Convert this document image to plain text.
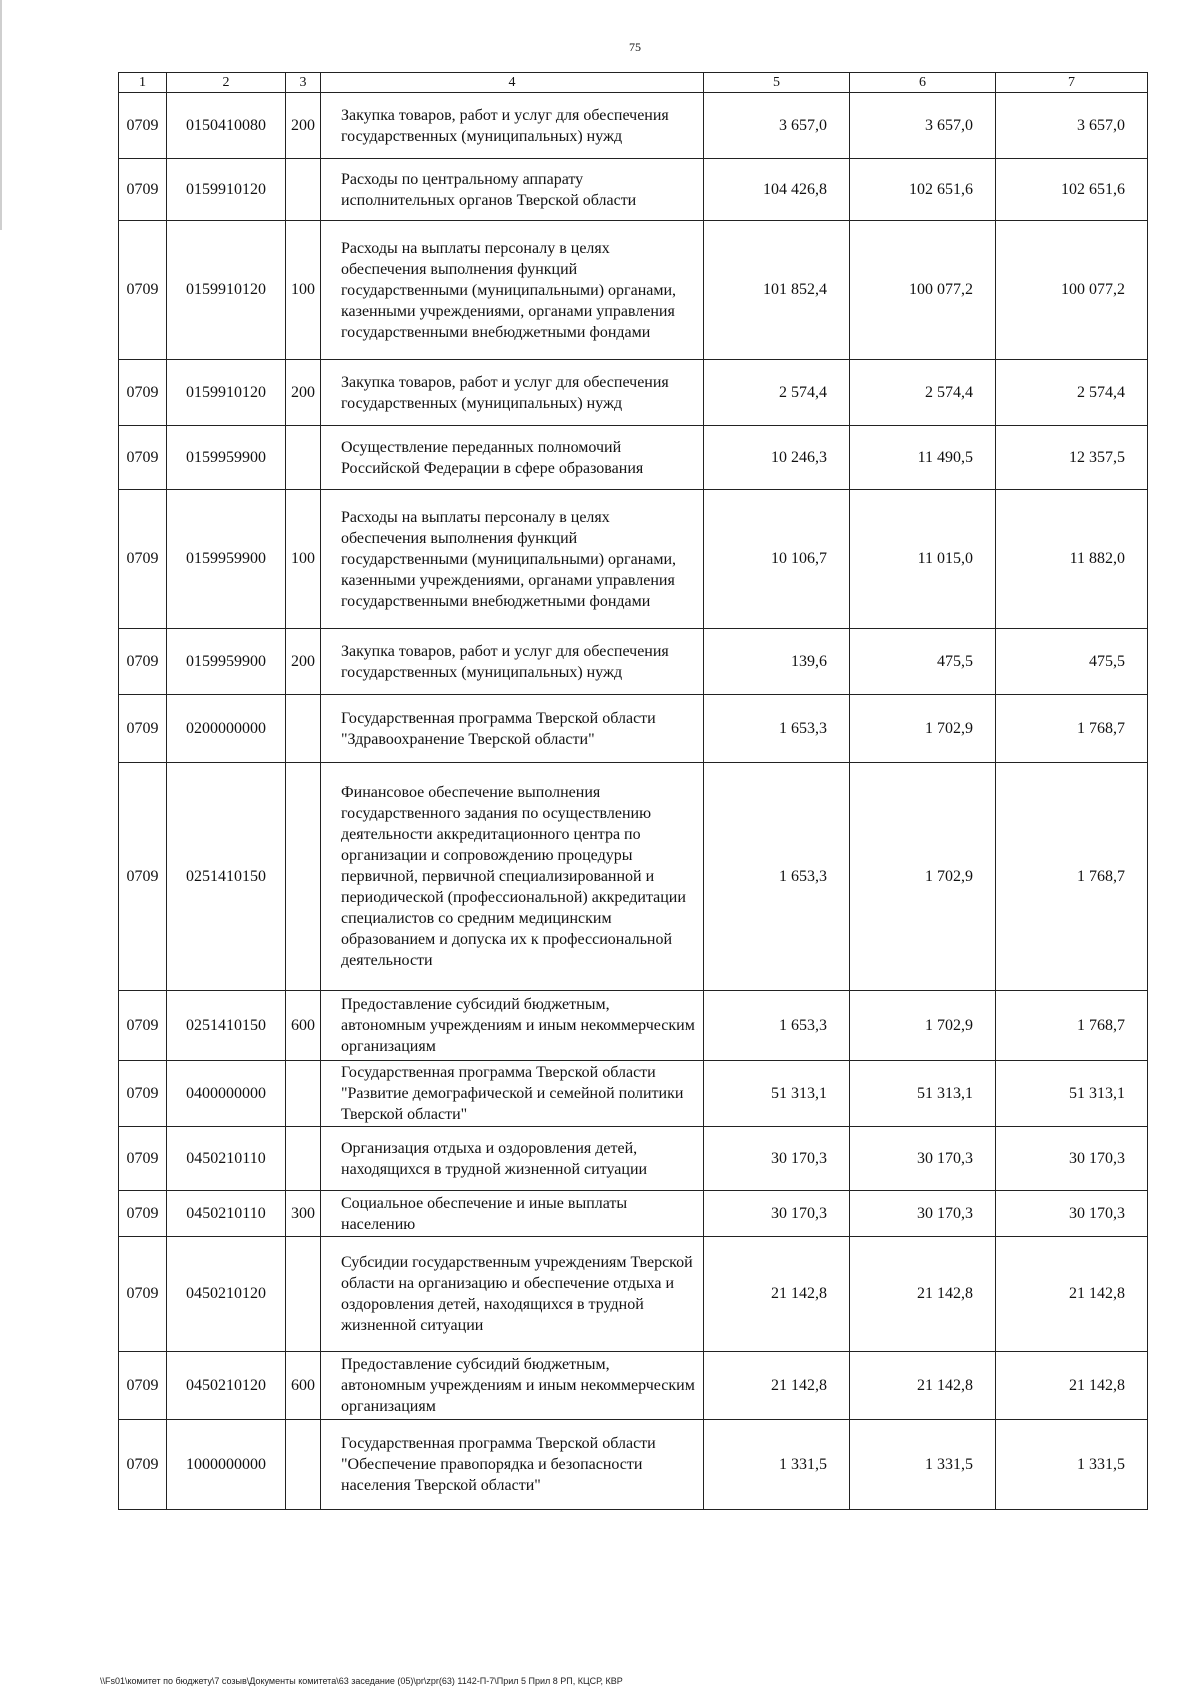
75
1	2	3	4	5	6	7
0709	0150410080	200	Закупка товаров, работ и услуг для обеспечения государственных (муниципальных) нужд	3 657,0	3 657,0	3 657,0
0709	0159910120		Расходы по центральному аппарату исполнительных органов Тверской области	104 426,8	102 651,6	102 651,6
0709	0159910120	100	Расходы на выплаты персоналу в целях обеспечения выполнения функций государственными (муниципальными) органами, казенными учреждениями, органами управления государственными внебюджетными фондами	101 852,4	100 077,2	100 077,2
0709	0159910120	200	Закупка товаров, работ и услуг для обеспечения государственных (муниципальных) нужд	2 574,4	2 574,4	2 574,4
0709	0159959900		Осуществление переданных полномочий Российской Федерации в сфере образования	10 246,3	11 490,5	12 357,5
0709	0159959900	100	Расходы на выплаты персоналу в целях обеспечения выполнения функций государственными (муниципальными) органами, казенными учреждениями, органами управления государственными внебюджетными фондами	10 106,7	11 015,0	11 882,0
0709	0159959900	200	Закупка товаров, работ и услуг для обеспечения государственных (муниципальных) нужд	139,6	475,5	475,5
0709	0200000000		Государственная программа Тверской области "Здравоохранение Тверской области"	1 653,3	1 702,9	1 768,7
0709	0251410150		Финансовое обеспечение выполнения государственного задания по осуществлению деятельности аккредитационного центра по организации и сопровождению процедуры первичной, первичной специализированной и периодической (профессиональной) аккредитации специалистов со средним медицинским образованием и допуска их к профессиональной деятельности	1 653,3	1 702,9	1 768,7
0709	0251410150	600	Предоставление субсидий бюджетным, автономным учреждениям и иным некоммерческим организациям	1 653,3	1 702,9	1 768,7
0709	0400000000		Государственная программа Тверской области "Развитие демографической и семейной политики Тверской области"	51 313,1	51 313,1	51 313,1
0709	0450210110		Организация отдыха и оздоровления детей, находящихся в трудной жизненной ситуации	30 170,3	30 170,3	30 170,3
0709	0450210110	300	Социальное обеспечение и иные выплаты населению	30 170,3	30 170,3	30 170,3
0709	0450210120		Субсидии государственным учреждениям Тверской области на организацию и обеспечение отдыха и оздоровления детей, находящихся в трудной жизненной ситуации	21 142,8	21 142,8	21 142,8
0709	0450210120	600	Предоставление субсидий бюджетным, автономным учреждениям и иным некоммерческим организациям	21 142,8	21 142,8	21 142,8
0709	1000000000		Государственная программа Тверской области "Обеспечение правопорядка и безопасности населения Тверской области"	1 331,5	1 331,5	1 331,5
\\Fs01\комитет по бюджету\7 созыв\Документы комитета\63 заседание (05)\pr\zpr(63) 1142-П-7\Прил 5 Прил 8 РП, КЦСР, КВР
